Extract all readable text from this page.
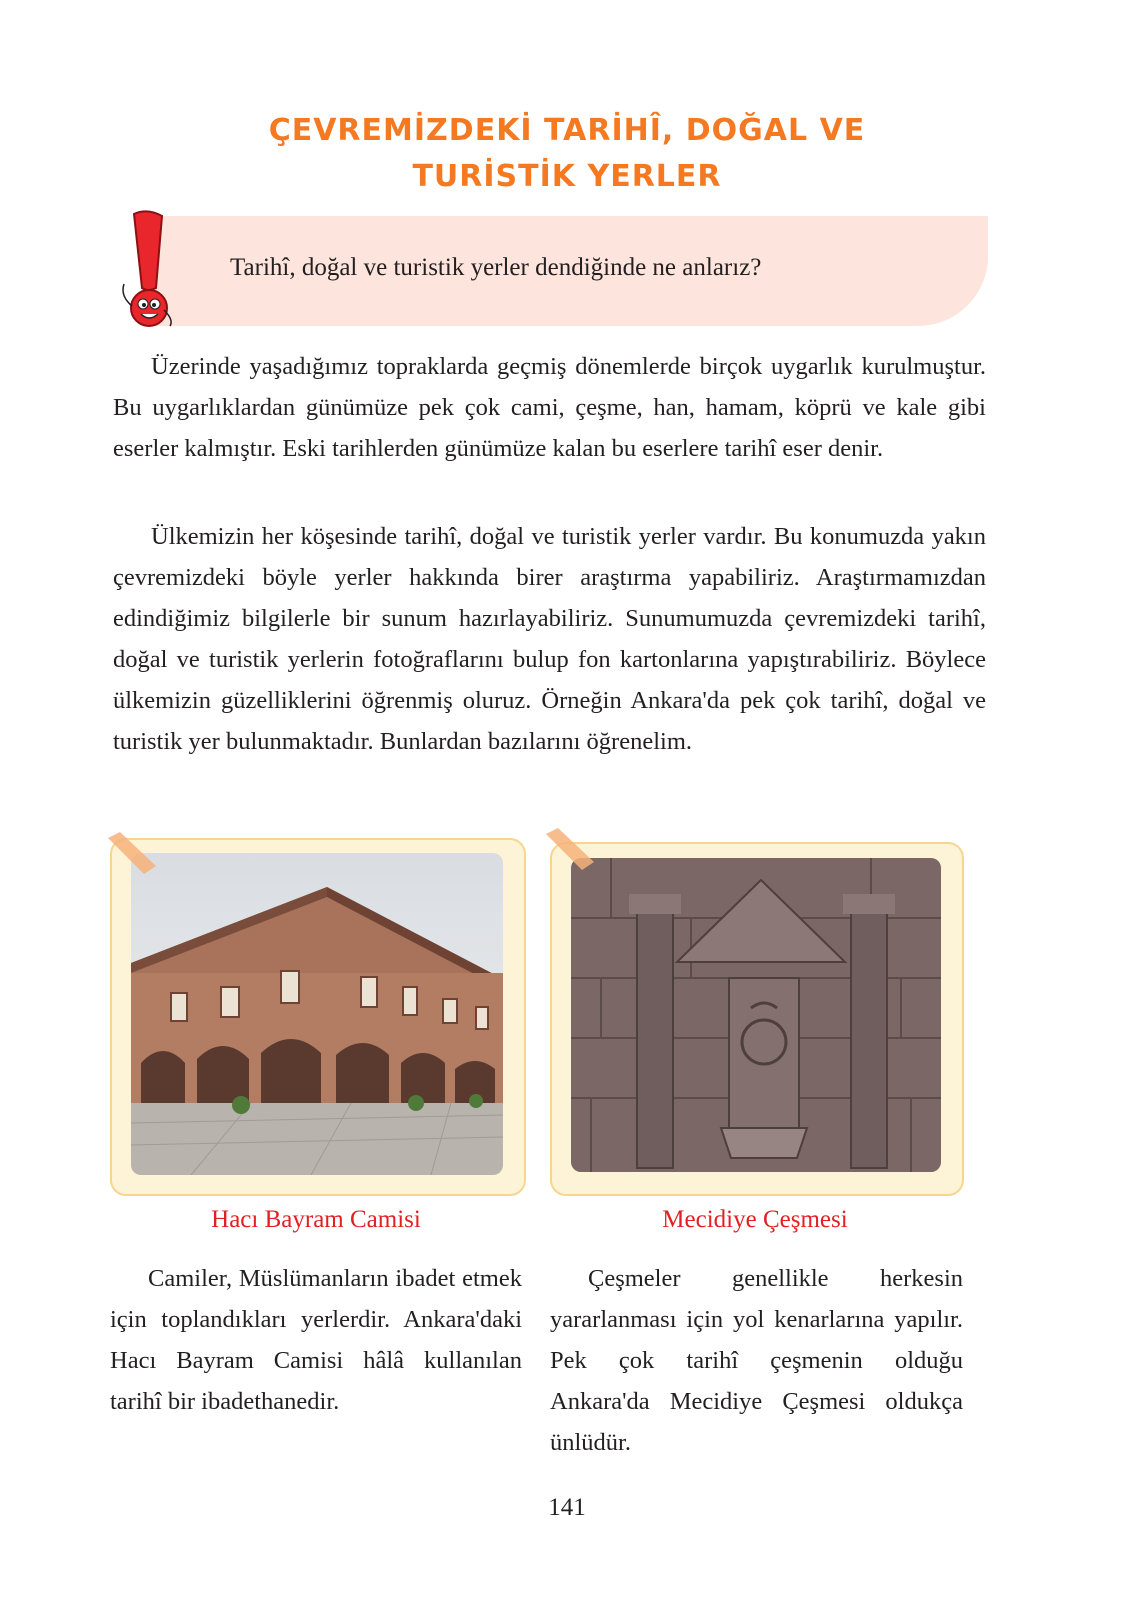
ÇEVREMİZDEKİ TARİHÎ, DOĞAL VE
TURİSTİK YERLER
Tarihî, doğal ve turistik yerler dendiğinde ne anlarız?

Üzerinde yaşadığımız topraklarda geçmiş dönemlerde birçok uygarlık kurulmuştur. Bu uygarlıklardan günümüze pek çok cami, çeşme, han, hamam, köprü ve kale gibi eserler kalmıştır. Eski tarihlerden günümüze kalan bu eserlere tarihî eser denir.

Ülkemizin her köşesinde tarihî, doğal ve turistik yerler vardır. Bu konumuzda yakın çevremizdeki böyle yerler hakkında birer araştırma yapabiliriz. Araştırmamızdan edindiğimiz bilgilerle bir sunum hazırlayabiliriz. Sunumumuzda çevremizdeki tarihî, doğal ve turistik yerlerin fotoğraflarını bulup fon kartonlarına yapıştırabiliriz. Böylece ülkemizin güzelliklerini öğrenmiş oluruz. Örneğin Ankara'da pek çok tarihî, doğal ve turistik yer bulunmaktadır. Bunlardan bazılarını öğrenelim.

Hacı Bayram Camisi

Camiler, Müslümanların ibadet etmek için toplandıkları yerlerdir. Ankara'daki Hacı Bayram Camisi hâlâ kullanılan tarihî bir ibadethanedir.

Mecidiye Çeşmesi

Çeşmeler genellikle herkesin yararlanması için yol kenarlarına yapılır. Pek çok tarihî çeşmenin olduğu Ankara'da Mecidiye Çeşmesi oldukça ünlüdür.

141
